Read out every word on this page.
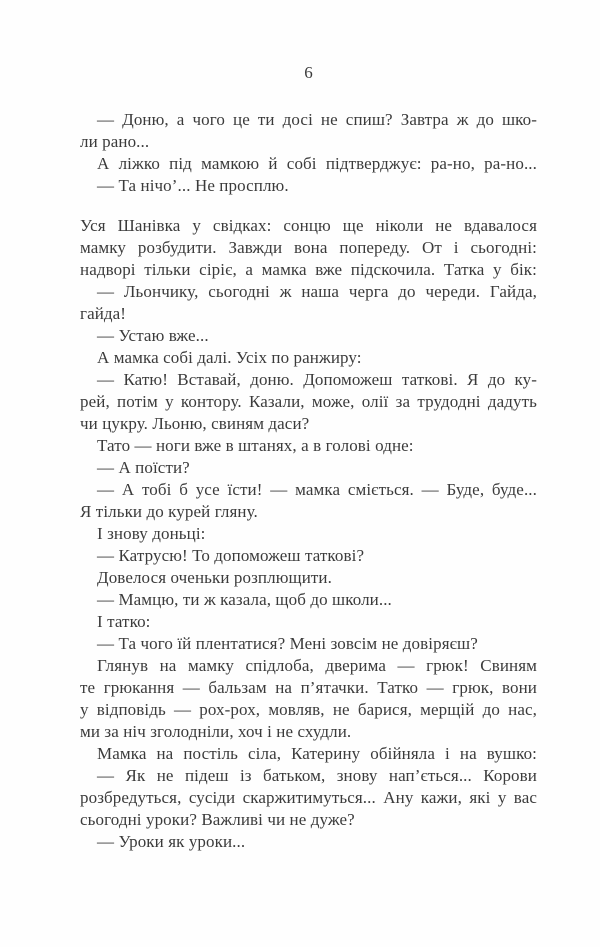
6
— Доню, а чого це ти досі не спиш? Завтра ж до шко-
ли рано...
А ліжко під мамкою й собі підтверджує: ра-но, ра-но...
— Та нічо’... Не просплю.
Уся Шанівка у свідках: сонцю ще ніколи не вдавалося
мамку розбудити. Завжди вона попереду. От і сьогодні:
надворі тільки сіріє, а мамка вже підскочила. Татка у бік:
— Льончику, сьогодні ж наша черга до череди. Гайда,
гайда!
— Устаю вже...
А мамка собі далі. Усіх по ранжиру:
— Катю! Вставай, доню. Допоможеш таткові. Я до ку-
рей, потім у контору. Казали, може, олії за трудодні дадуть
чи цукру. Льоню, свиням даси?
Тато — ноги вже в штанях, а в голові одне:
— А поїсти?
— А тобі б усе їсти! — мамка сміється. — Буде, буде...
Я тільки до курей гляну.
І знову доньці:
— Катрусю! То допоможеш таткові?
Довелося оченьки розплющити.
— Мамцю, ти ж казала, щоб до школи...
І татко:
— Та чого їй плентатися? Мені зовсім не довіряєш?
Глянув на мамку спідлоба, дверима — грюк! Свиням
те грюкання — бальзам на п’ятачки. Татко — грюк, вони
у відповідь — рох-рох, мовляв, не барися, мерщій до нас,
ми за ніч зголодніли, хоч і не схудли.
Мамка на постіль сіла, Катерину обійняла і на вушко:
— Як не підеш із батьком, знову нап’ється... Корови
розбредуться, сусіди скаржитимуться... Ану кажи, які у вас
сьогодні уроки? Важливі чи не дуже?
— Уроки як уроки...
